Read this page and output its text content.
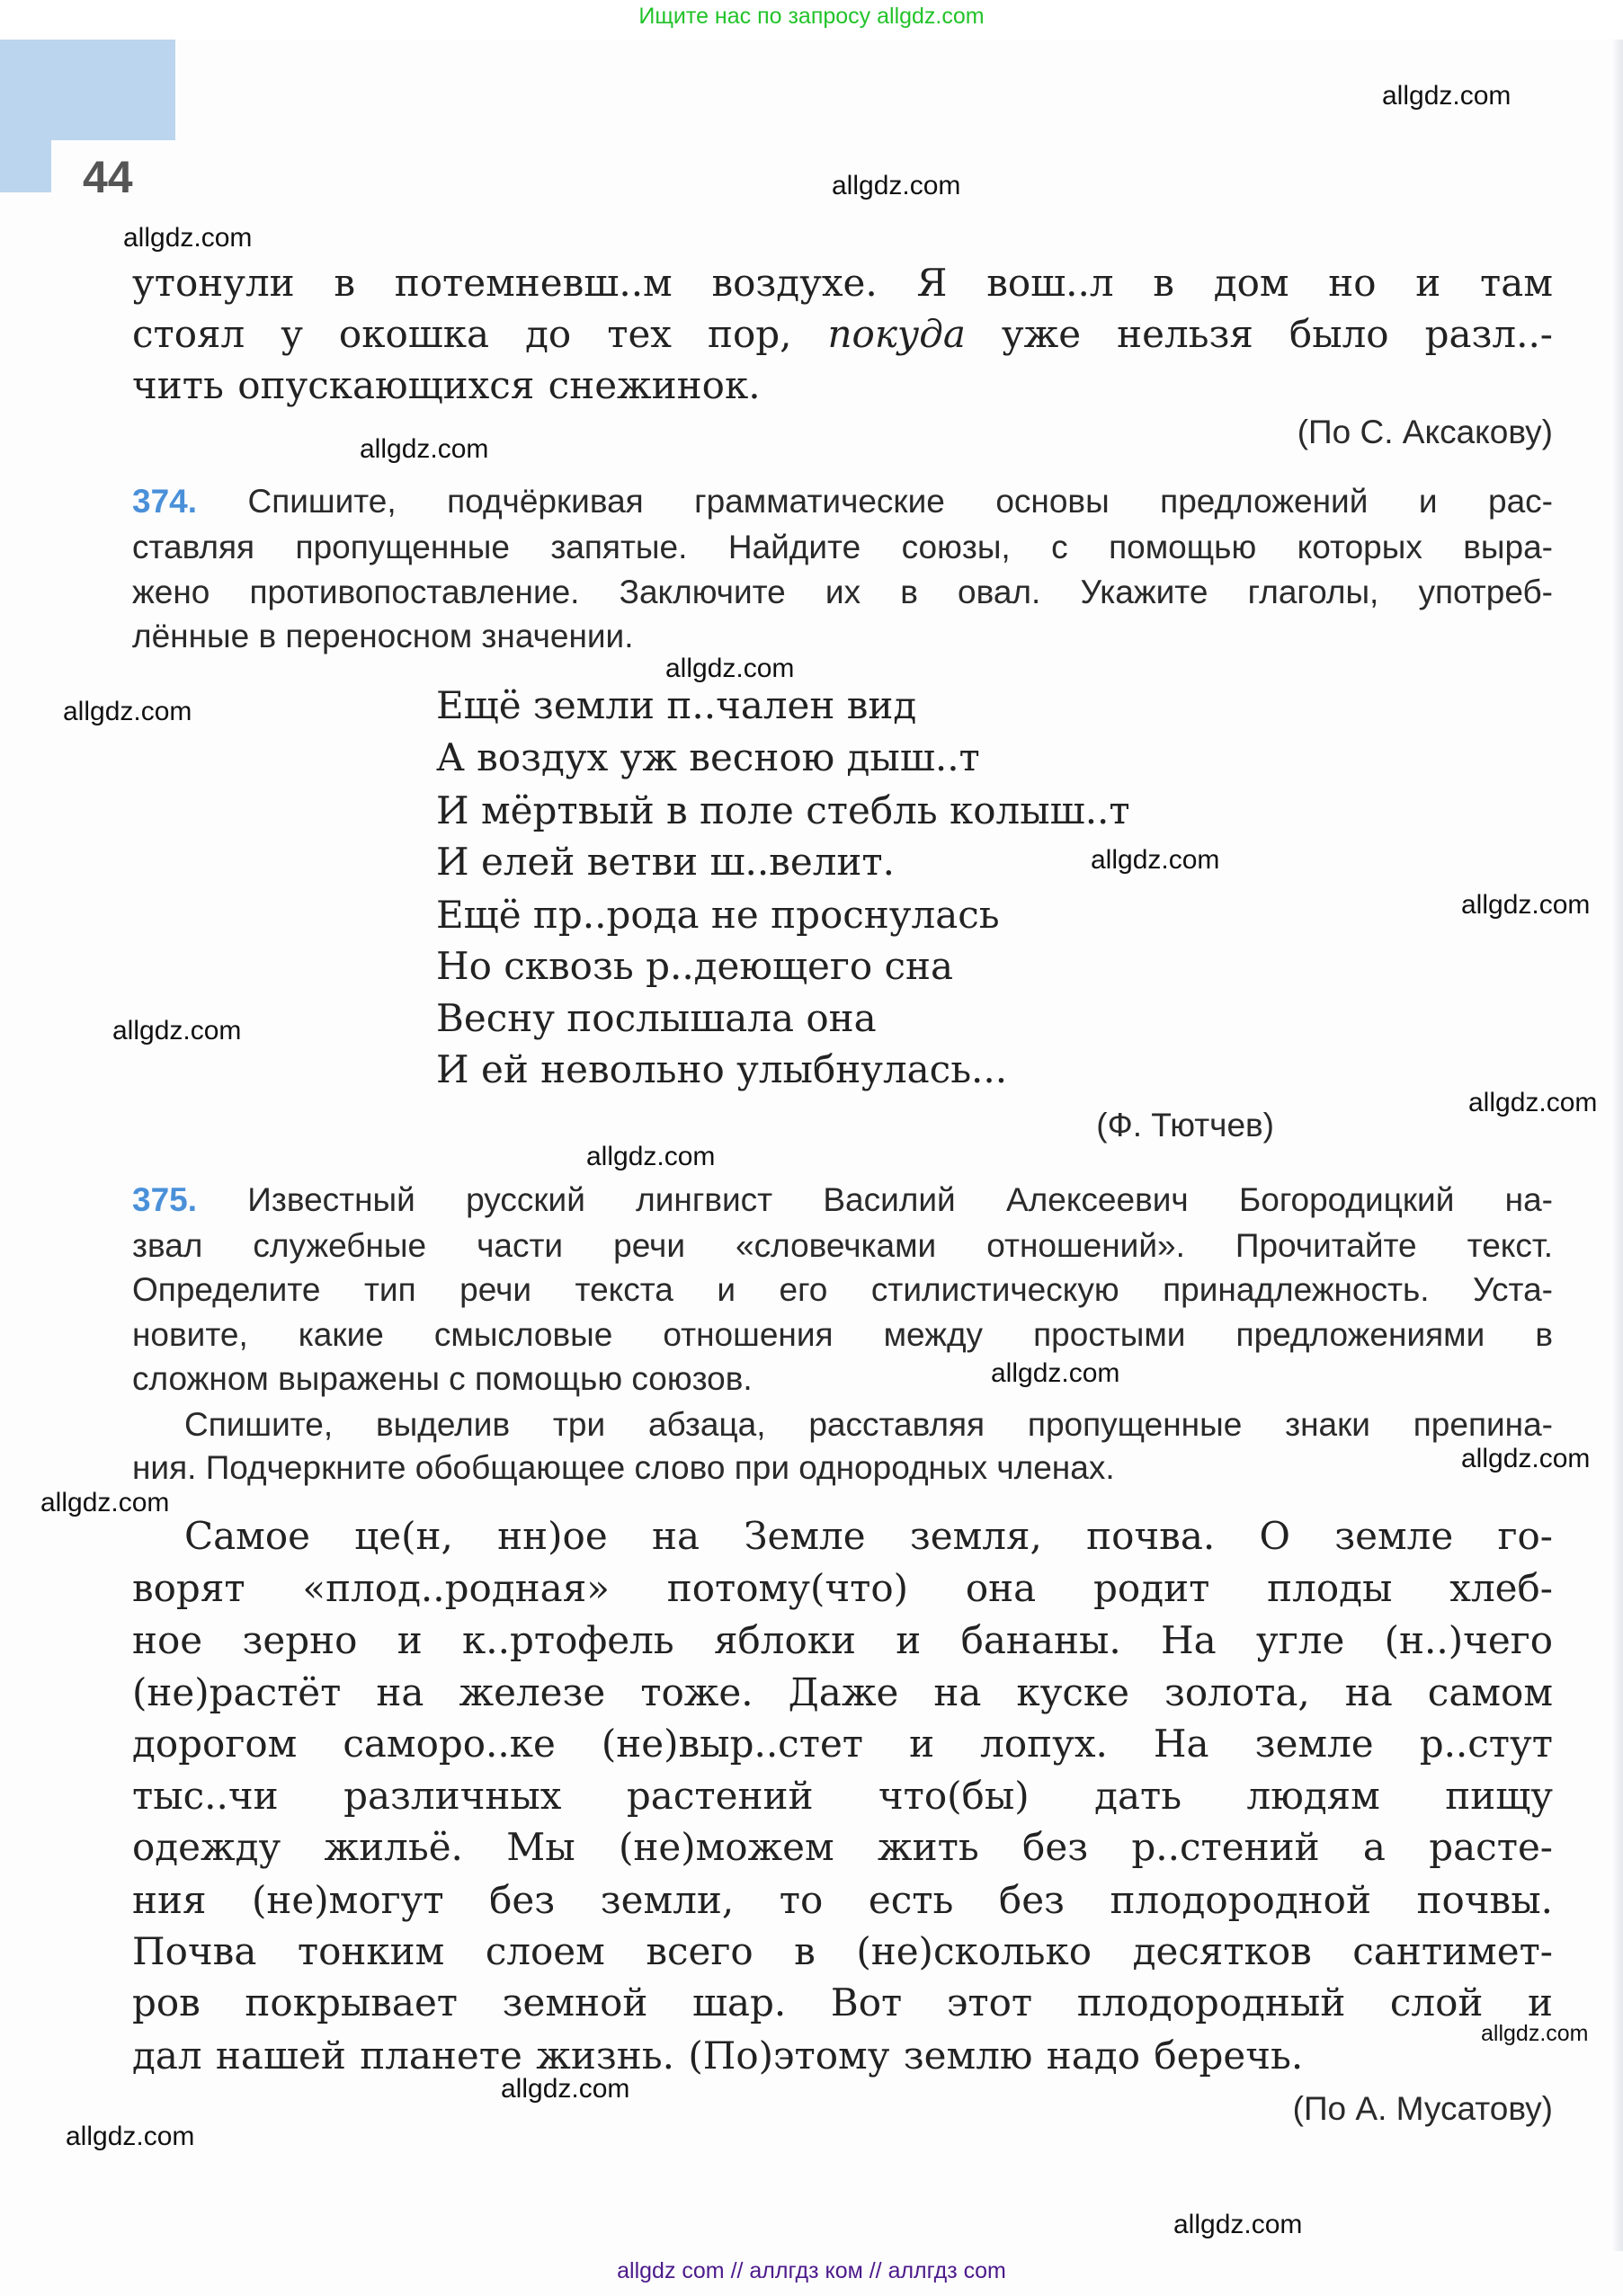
Ищите нас по запросу allgdz.com
44
утонули в потемневш..м воздухе. Я вош..л в дом но и там
стоял у окошка до тех пор, покуда уже нельзя было разл..-
чить опускающихся снежинок.
(По С. Аксакову)
374. Спишите, подчёркивая грамматические основы предложений и рас-
ставляя пропущенные запятые. Найдите союзы, с помощью которых выра-
жено противопоставление. Заключите их в овал. Укажите глаголы, употреб-
лённые в переносном значении.
Ещё земли п..чален вид
А воздух уж весною дыш..т
И мёртвый в поле стебль колыш..т
И елей ветви ш..велит.
Ещё пр..рода не проснулась
Но сквозь р..деющего сна
Весну послышала она
И ей невольно улыбнулась...
(Ф. Тютчев)
375. Известный русский лингвист Василий Алексеевич Богородицкий на-
звал служебные части речи «словечками отношений». Прочитайте текст.
Определите тип речи текста и его стилистическую принадлежность. Уста-
новите, какие смысловые отношения между простыми предложениями в
сложном выражены с помощью союзов.
Спишите, выделив три абзаца, расставляя пропущенные знаки препина-
ния. Подчеркните обобщающее слово при однородных членах.
Самое це(н, нн)ое на Земле земля, почва. О земле го-
ворят «плод..родная» потому(что) она родит плоды хлеб-
ное зерно и к..ртофель яблоки и бананы. На угле (н..)чего
(не)растёт на железе тоже. Даже на куске золота, на самом
дорогом саморо..ке (не)выр..стет и лопух. На земле р..стут
тыс..чи различных растений что(бы) дать людям пищу
одежду жильё. Мы (не)можем жить без р..стений а расте-
ния (не)могут без земли, то есть без плодородной почвы.
Почва тонким слоем всего в (не)сколько десятков сантимет-
ров покрывает земной шар. Вот этот плодородный слой и
дал нашей планете жизнь. (По)этому землю надо беречь.
(По А. Мусатову)
allgdz.com
allgdz.com
allgdz.com
allgdz.com
allgdz.com
allgdz.com
allgdz.com
allgdz.com
allgdz.com
allgdz.com
allgdz.com
allgdz.com
allgdz.com
allgdz.com
allgdz.com
allgdz.com
allgdz.com
allgdz.com
allgdz com // аллгдз ком // аллгдз com
